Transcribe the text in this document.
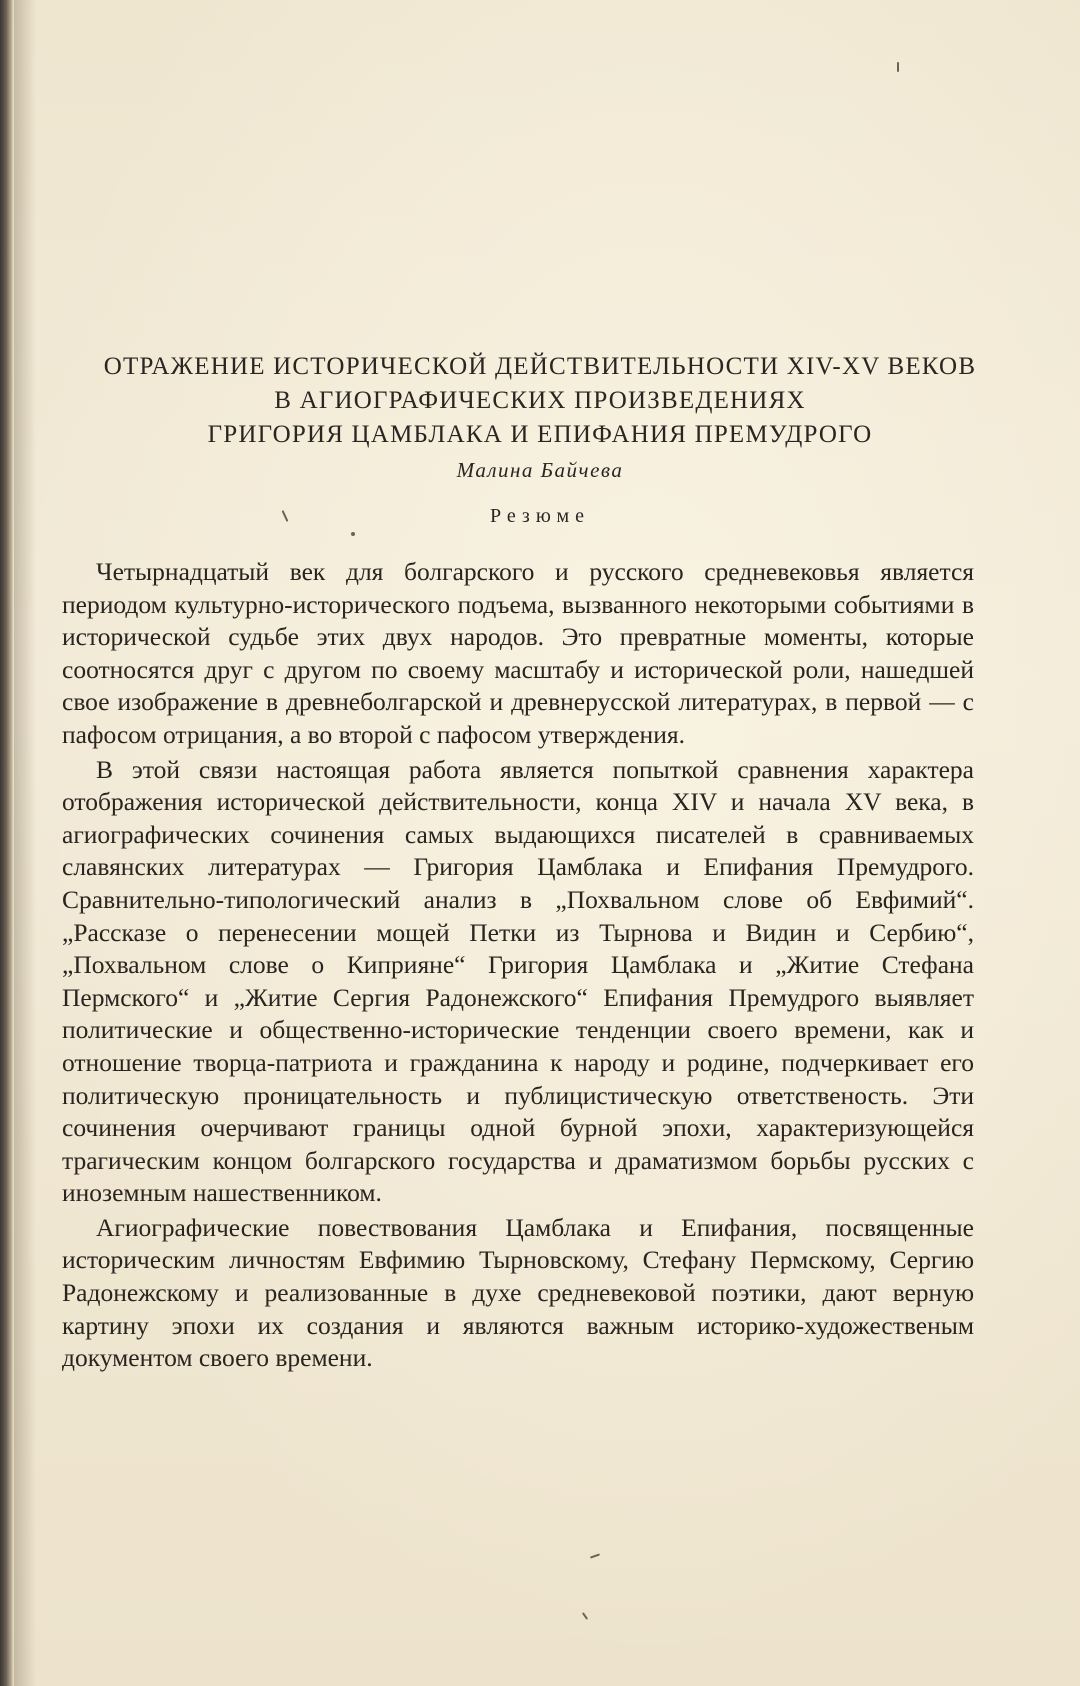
ОТРАЖЕНИЕ ИСТОРИЧЕСКОЙ ДЕЙСТВИТЕЛЬНОСТИ XIV-XV ВЕКОВ
В АГИОГРАФИЧЕСКИХ ПРОИЗВЕДЕНИЯХ
ГРИГОРИЯ ЦАМБЛАКА И ЕПИФАНИЯ ПРЕМУДРОГО
Малина Байчева
Резюме

Четырнадцатый век для болгарского и русского средневековья является периодом культурно-исторического подъема, вызванного некоторыми событиями в исторической судьбе этих двух народов. Это превратные моменты, которые соотносятся друг с другом по своему масштабу и исторической роли, нашедшей свое изображение в древнеболгарской и древнерусской литературах, в первой — с пафосом отрицания, а во второй с пафосом утверждения.

В этой связи настоящая работа является попыткой сравнения характера отображения исторической действительности, конца XIV и начала XV века, в агиографических сочинения самых выдающихся писателей в сравниваемых славянских литературах — Григория Цамблака и Епифания Премудрого. Сравнительно-типологический анализ в „Похвальном слове об Евфимий“. „Рассказе о перенесении мощей Петки из Тырнова и Видин и Сербию“, „Похвальном слове о Киприяне“ Григория Цамблака и „Житие Стефана Пермского“ и „Житие Сергия Радонежского“ Епифания Премудрого выявляет политические и общественно-исторические тенденции своего времени, как и отношение творца-патриота и гражданина к народу и родине, подчеркивает его политическую проницательность и публицистическую ответственость. Эти сочинения очерчивают границы одной бурной эпохи, характеризующейся трагическим концом болгарского государства и драматизмом борьбы русских с иноземным нашественником.

Агиографические повествования Цамблака и Епифания, посвященные историческим личностям Евфимию Тырновскому, Стефану Пермскому, Сергию Радонежскому и реализованные в духе средневековой поэтики, дают верную картину эпохи их создания и являются важным историко-художественым документом своего времени.
